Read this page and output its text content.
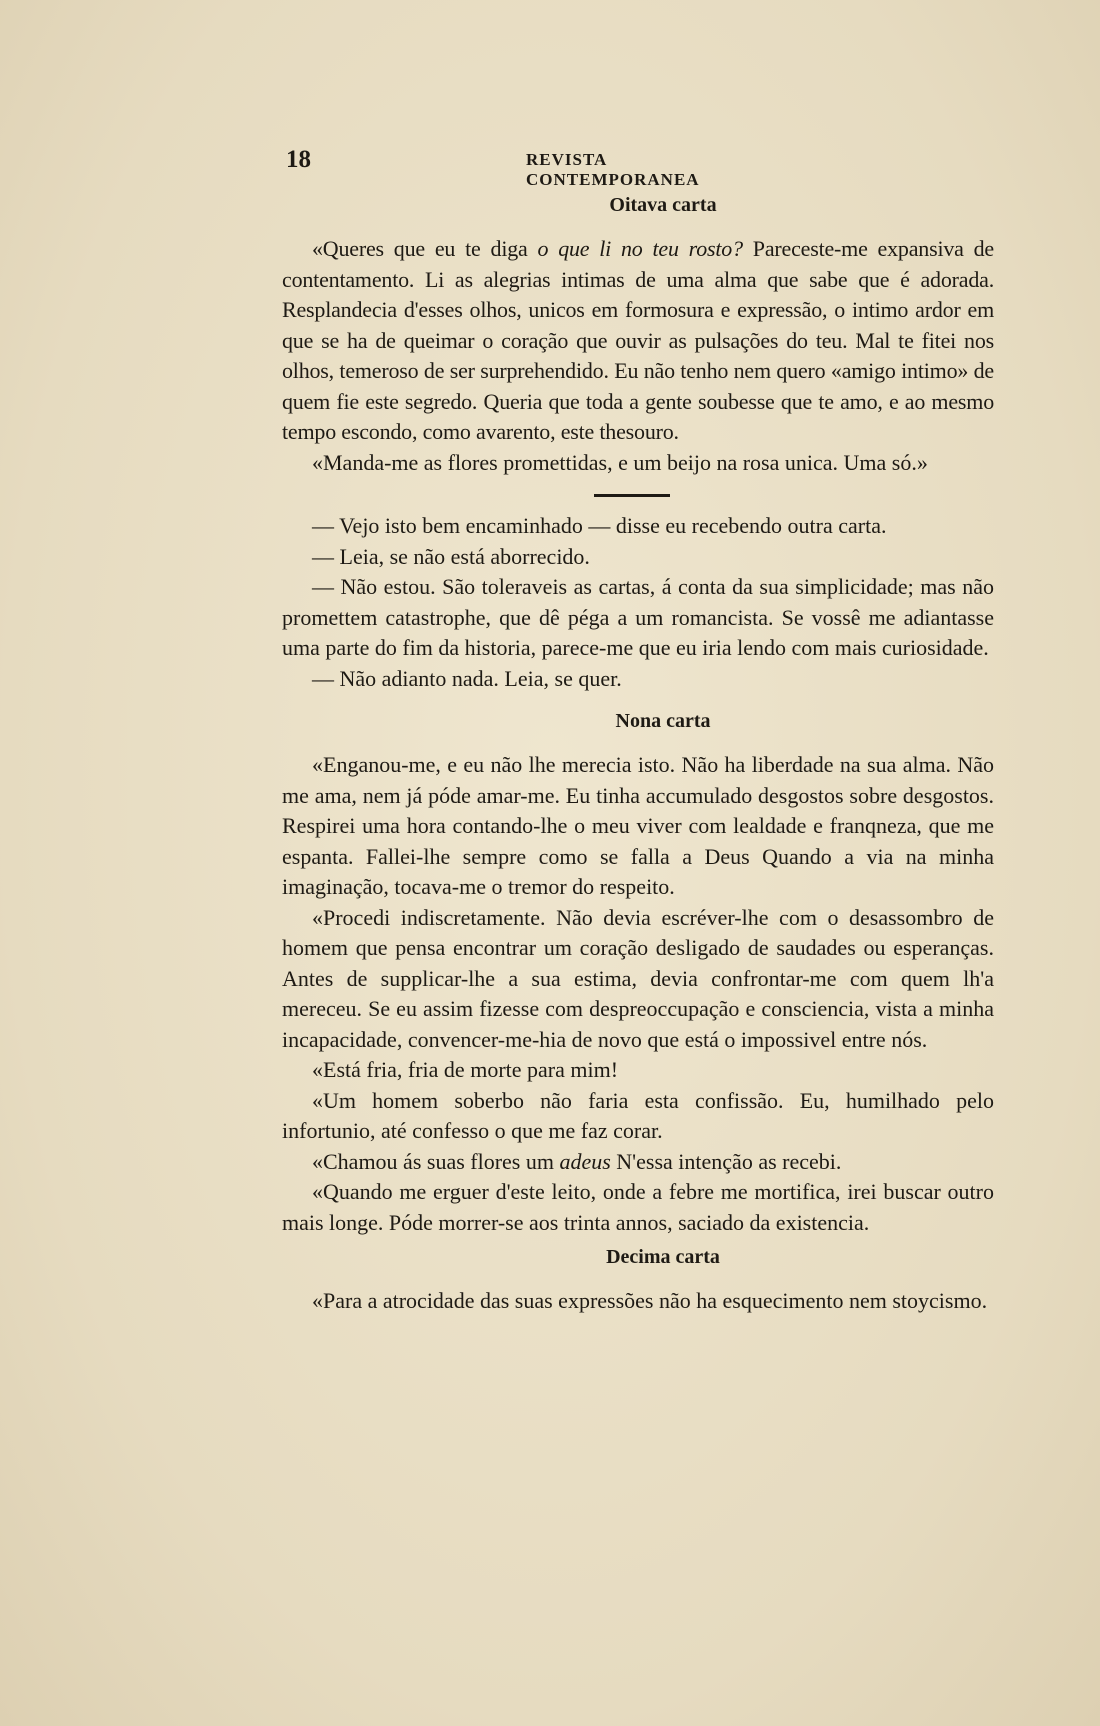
18	REVISTA CONTEMPORANEA
Oitava carta

«Queres que eu te diga o que li no teu rosto? Pareceste-me expansiva de contentamento. Li as alegrias intimas de uma alma que sabe que é adorada. Resplandecia d'esses olhos, unicos em formosura e expressão, o intimo ardor em que se ha de queimar o coração que ouvir as pulsações do teu. Mal te fitei nos olhos, temeroso de ser surprehendido. Eu não tenho nem quero «amigo intimo» de quem fie este segredo. Queria que toda a gente soubesse que te amo, e ao mesmo tempo escondo, como avarento, este thesouro.

«Manda-me as flores promettidas, e um beijo na rosa unica. Uma só.»

— Vejo isto bem encaminhado — disse eu recebendo outra carta.

— Leia, se não está aborrecido.

— Não estou. São toleraveis as cartas, á conta da sua simplicidade; mas não promettem catastrophe, que dê péga a um romancista. Se vossê me adiantasse uma parte do fim da historia, parece-me que eu iria lendo com mais curiosidade.

— Não adianto nada. Leia, se quer.

Nona carta

«Enganou-me, e eu não lhe merecia isto. Não ha liberdade na sua alma. Não me ama, nem já póde amar-me. Eu tinha accumulado desgostos sobre desgostos. Respirei uma hora contando-lhe o meu viver com lealdade e franqneza, que me espanta. Fallei-lhe sempre como se falla a Deus Quando a via na minha imaginação, tocava-me o tremor do respeito.

«Procedi indiscretamente. Não devia escréver-lhe com o desassombro de homem que pensa encontrar um coração desligado de saudades ou esperanças. Antes de supplicar-lhe a sua estima, devia confrontar-me com quem lh'a mereceu. Se eu assim fizesse com despreoccupação e consciencia, vista a minha incapacidade, convencer-me-hia de novo que está o impossivel entre nós.

«Está fria, fria de morte para mim!

«Um homem soberbo não faria esta confissão. Eu, humilhado pelo infortunio, até confesso o que me faz corar.

«Chamou ás suas flores um adeus N'essa intenção as recebi.

«Quando me erguer d'este leito, onde a febre me mortifica, irei buscar outro mais longe. Póde morrer-se aos trinta annos, saciado da existencia.

Decima carta

«Para a atrocidade das suas expressões não ha esquecimento nem stoycismo.
